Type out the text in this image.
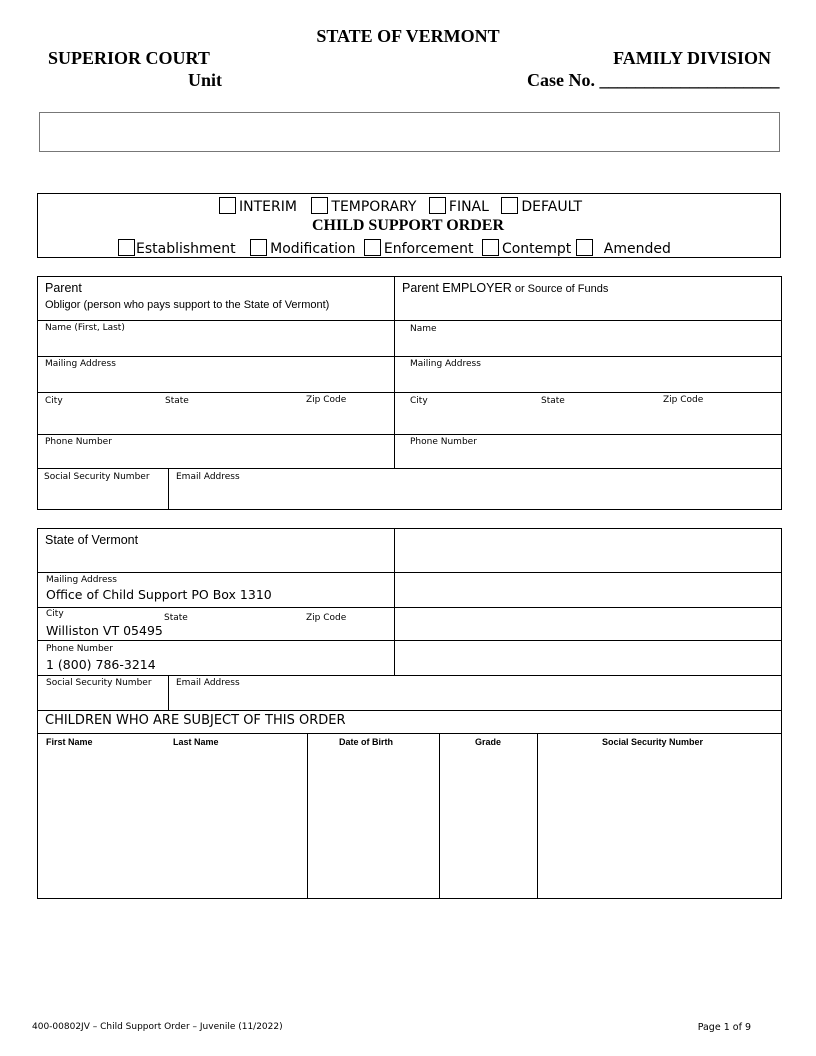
STATE OF VERMONT
SUPERIOR COURT	FAMILY DIVISION
Unit	Case No. ____________________
INTERIM TEMPORARY FINAL DEFAULT
CHILD SUPPORT ORDER
Establishment Modification Enforcement Contempt Amended
Parent
Obligor (person who pays support to the State of Vermont)
Parent EMPLOYER or Source of Funds
Name (First, Last)	Name
Mailing Address	Mailing Address
City	State	Zip Code	City	State	Zip Code
Phone Number	Phone Number
Social Security Number	Email Address
State of Vermont
Mailing Address
Office of Child Support PO Box 1310
City	State	Zip Code
Williston VT 05495
Phone Number
1 (800) 786-3214
Social Security Number	Email Address
CHILDREN WHO ARE SUBJECT OF THIS ORDER
First Name	Last Name	Date of Birth	Grade	Social Security Number
400-00802JV – Child Support Order – Juvenile (11/2022)	Page 1 of 9
